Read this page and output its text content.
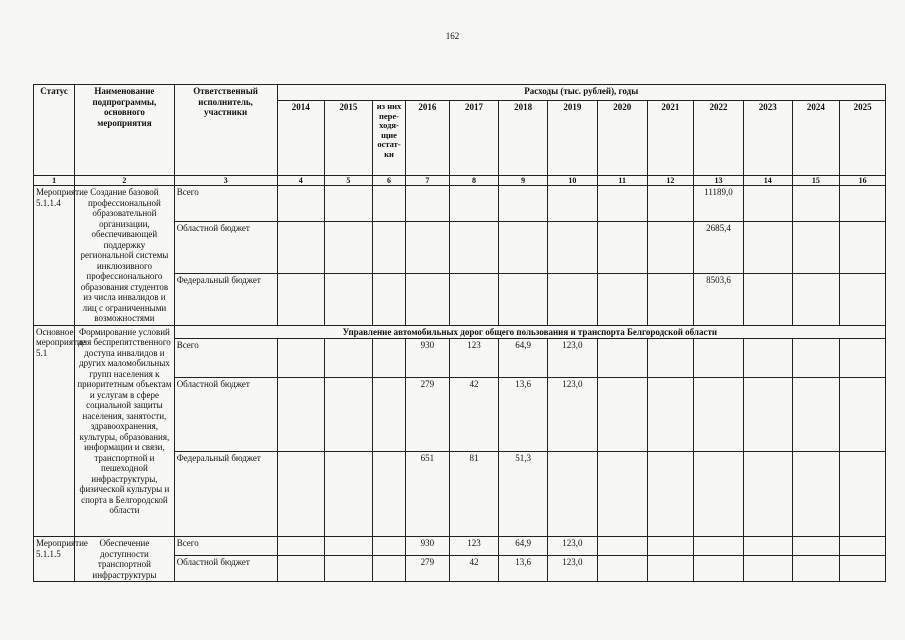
162
Статус	Наименование подпрограммы, основного мероприятия	Ответственный исполнитель, участники	Расходы (тыс. рублей), годы												
			2014	2015	из них пере-ходя-щие остат-ки	2016	2017	2018	2019	2020	2021	2022	2023	2024	2025
1	2	3	4	5	6	7	8	9	10	11	12	13	14	15	16
Мероприятие 5.1.1.4	Создание базовой профессиональной образовательной организации, обеспечивающей поддержку региональной системы инклюзивного профессионального образования студентов из числа инвалидов и лиц с ограниченными возможностями	Всего										11189,0			
		Областной бюджет										2685,4			
		Федеральный бюджет										8503,6			
Основное мероприятие 5.1	Формирование условий для беспрепятственного доступа инвалидов и других маломобильных групп населения к приоритетным объектам и услугам в сфере социальной защиты населения, занятости, здравоохранения, культуры, образования, информации и связи, транспортной и пешеходной инфраструктуры, физической культуры и спорта в Белгородской области	Управление автомобильных дорог общего пользования и транспорта Белгородской области													
		Всего				930	123	64,9	123,0						
		Областной бюджет				279	42	13,6	123,0						
		Федеральный бюджет				651	81	51,3							
Мероприятие 5.1.1.5	Обеспечение доступности транспортной инфраструктуры	Всего				930	123	64,9	123,0						
		Областной бюджет				279	42	13,6	123,0						
